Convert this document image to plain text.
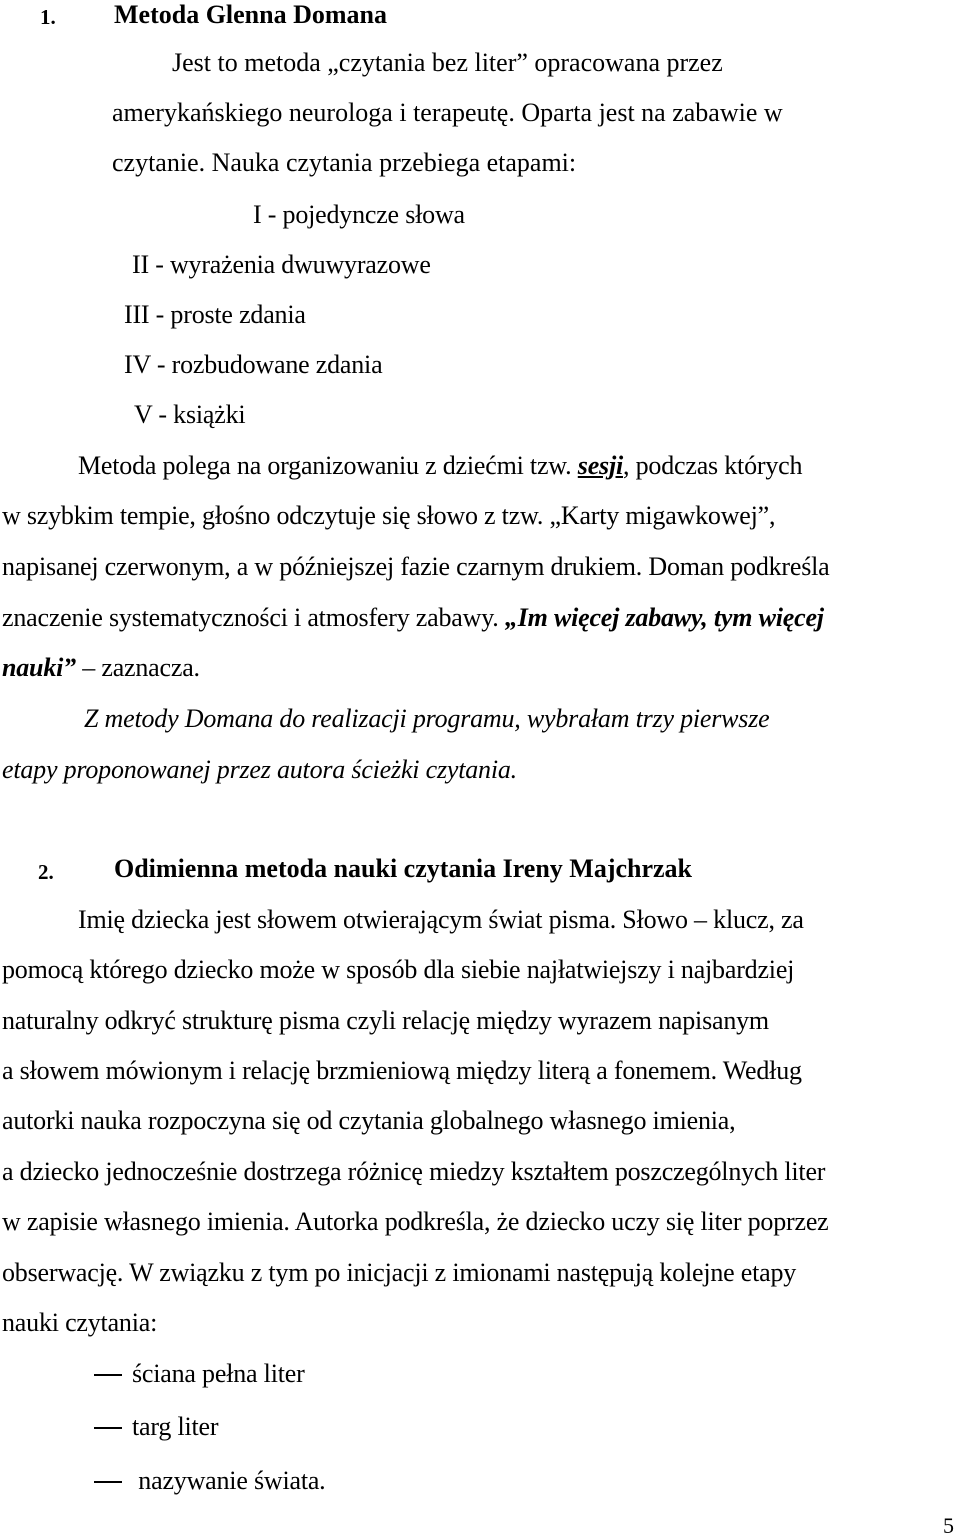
1. Metoda Glenna Domana
Jest to metoda „czytania bez liter” opracowana przez
amerykańskiego neurologa i terapeutę. Oparta jest na zabawie w
czytanie. Nauka czytania przebiega etapami:
I - pojedyncze słowa
II - wyrażenia dwuwyrazowe
III - proste zdania
IV - rozbudowane zdania
V - książki
Metoda polega na organizowaniu z dziećmi tzw. sesji, podczas których
w szybkim tempie, głośno odczytuje się słowo z tzw. „Karty migawkowej”,
napisanej czerwonym, a w późniejszej fazie czarnym drukiem. Doman podkreśla
znaczenie systematyczności i atmosfery zabawy. „Im więcej zabawy, tym więcej
nauki” – zaznacza.
Z metody Domana do realizacji programu, wybrałam trzy pierwsze
etapy proponowanej przez autora ścieżki czytania.
2. Odimienna metoda nauki czytania Ireny Majchrzak
Imię dziecka jest słowem otwierającym świat pisma. Słowo – klucz, za
pomocą którego dziecko może w sposób dla siebie najłatwiejszy i najbardziej
naturalny odkryć strukturę pisma czyli relację między wyrazem napisanym
a słowem mówionym i relację brzmieniową między literą a fonemem. Według
autorki nauka rozpoczyna się od czytania globalnego własnego imienia,
a dziecko jednocześnie dostrzega różnicę miedzy kształtem poszczególnych liter
w zapisie własnego imienia. Autorka podkreśla, że dziecko uczy się liter poprzez
obserwację. W związku z tym po inicjacji z imionami następują kolejne etapy
nauki czytania:
ściana pełna liter
targ liter
nazywanie świata.
5
